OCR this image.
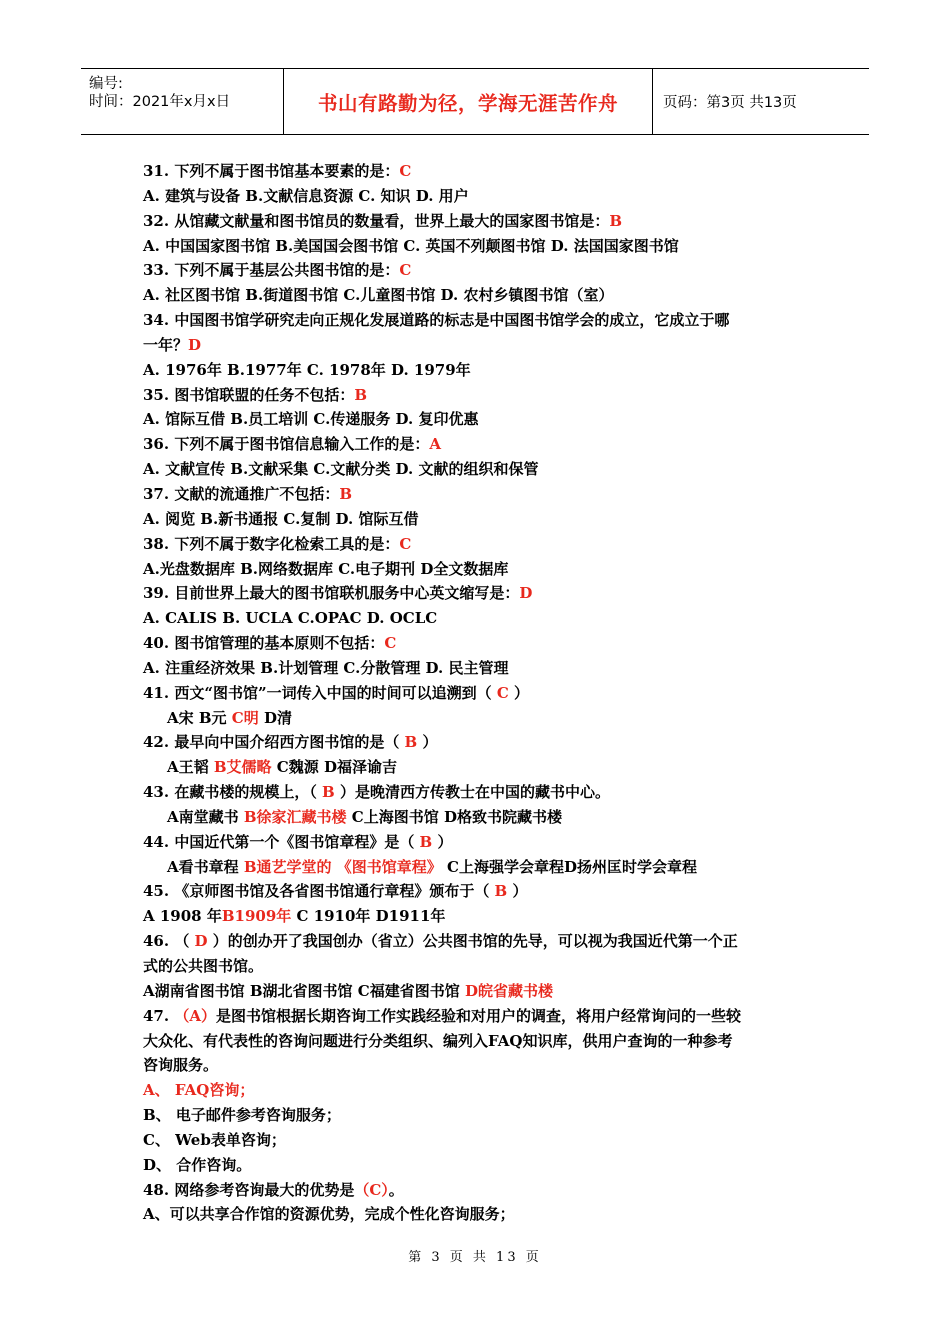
编号:
时间：2021年x月x日	书山有路勤为径，学海无涯苦作舟	页码：第3页 共13页
31. 下列不属于图书馆基本要素的是：C
A. 建筑与设备 B.文献信息资源 C. 知识 D. 用户
32. 从馆藏文献量和图书馆员的数量看，世界上最大的国家图书馆是：B
A. 中国国家图书馆 B.美国国会图书馆 C. 英国不列颠图书馆 D. 法国国家图书馆
33. 下列不属于基层公共图书馆的是：C
A. 社区图书馆 B.街道图书馆 C.儿童图书馆 D. 农村乡镇图书馆（室）
34. 中国图书馆学研究走向正规化发展道路的标志是中国图书馆学会的成立，它成立于哪
一年？D
A. 1976年 B.1977年 C. 1978年 D. 1979年
35. 图书馆联盟的任务不包括：B
A. 馆际互借 B.员工培训 C.传递服务 D. 复印优惠
36. 下列不属于图书馆信息输入工作的是：A
A. 文献宣传 B.文献采集 C.文献分类 D. 文献的组织和保管
37. 文献的流通推广不包括：B
A. 阅览 B.新书通报 C.复制 D. 馆际互借
38. 下列不属于数字化检索工具的是：C
A.光盘数据库 B.网络数据库 C.电子期刊 D全文数据库
39. 目前世界上最大的图书馆联机服务中心英文缩写是：D
A. CALIS B. UCLA C.OPAC D. OCLC
40. 图书馆管理的基本原则不包括：C
A. 注重经济效果 B.计划管理 C.分散管理 D. 民主管理
41. 西文“图书馆”一词传入中国的时间可以追溯到（ C ）
A宋 B元 C明 D清
42. 最早向中国介绍西方图书馆的是（ B ）
A王韬 B艾儒略 C魏源 D福泽谕吉
43. 在藏书楼的规模上，（ B ）是晚清西方传教士在中国的藏书中心。
A南堂藏书 B徐家汇藏书楼 C上海图书馆 D格致书院藏书楼
44. 中国近代第一个《图书馆章程》是（ B ）
A看书章程 B通艺学堂的 《图书馆章程》 C上海强学会章程D扬州匡时学会章程
45. 《京师图书馆及各省图书馆通行章程》颁布于（ B ）
A 1908 年B1909年 C 1910年 D1911年
46. （ D ）的创办开了我国创办（省立）公共图书馆的先导，可以视为我国近代第一个正
式的公共图书馆。
A湖南省图书馆 B湖北省图书馆 C福建省图书馆 D皖省藏书楼
47. （A）是图书馆根据长期咨询工作实践经验和对用户的调查，将用户经常询问的一些较
大众化、有代表性的咨询问题进行分类组织、编列入FAQ知识库，供用户查询的一种参考
咨询服务。
A、 FAQ咨询；
B、 电子邮件参考咨询服务；
C、 Web表单咨询；
D、 合作咨询。
48. 网络参考咨询最大的优势是（C）。
A、可以共享合作馆的资源优势，完成个性化咨询服务；
第 3 页 共 13 页
